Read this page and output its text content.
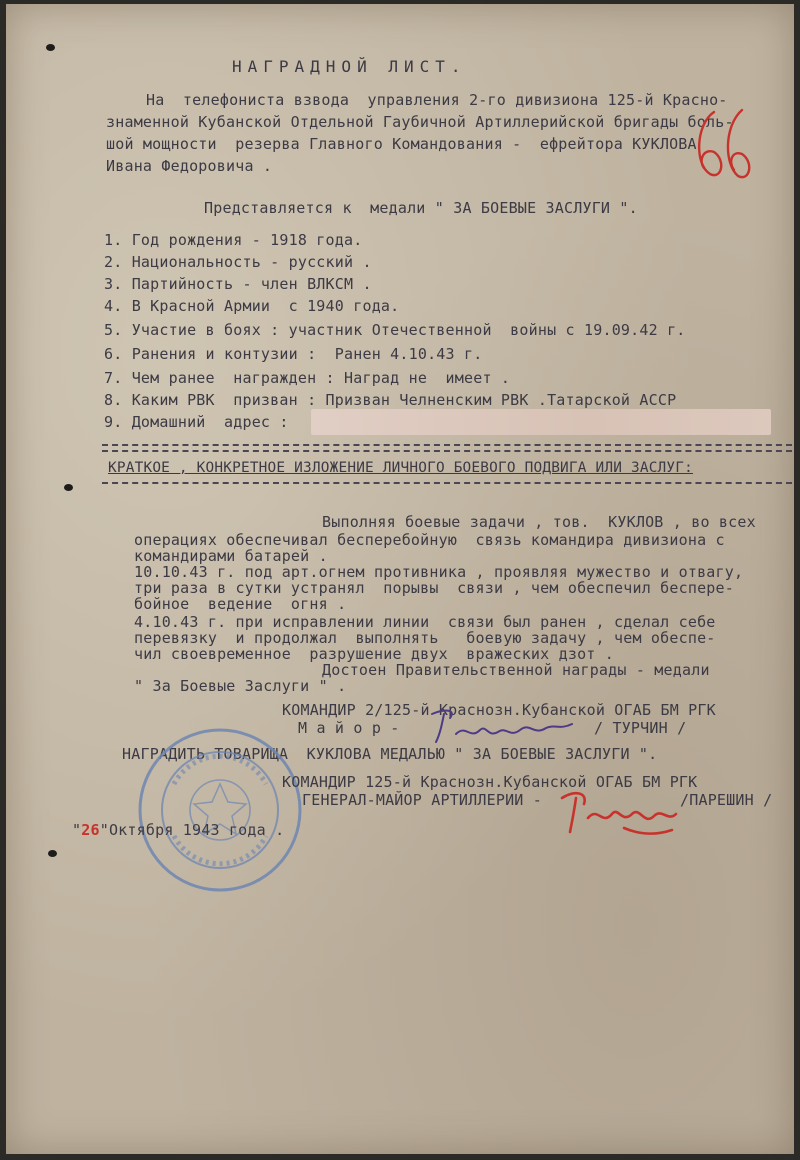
НАГРАДНОЙ ЛИСТ.
На  телефониста взвода  управления 2-го дивизиона 125-й Красно-
знаменной Кубанской Отдельной Гаубичной Артиллерийской бригады боль-
шой мощности  резерва Главного Командования -  ефрейтора КУКЛОВА
Ивана Федоровича .
Представляется к  медали " ЗА БОЕВЫЕ ЗАСЛУГИ ".
1. Год рождения - 1918 года.
2. Национальность - русский .
3. Партийность - член ВЛКСМ .
4. В Красной Армии  с 1940 года.
5. Участие в боях : участник Отечественной  войны с 19.09.42 г.
6. Ранения и контузии :  Ранен 4.10.43 г.
7. Чем ранее  награжден : Наград не  имеет .
8. Каким РВК  призван : Призван Челненским РВК .Татарской АССР
9. Домашний  адрес :
КРАТКОЕ , КОНКРЕТНОЕ ИЗЛОЖЕНИЕ ЛИЧНОГО БОЕВОГО ПОДВИГА ИЛИ ЗАСЛУГ:
Выполняя боевые задачи , тов.  КУКЛОВ , во всех
операциях обеспечивал бесперебойную  связь командира дивизиона с
командирами батарей .
10.10.43 г. под арт.огнем противника , проявляя мужество и отвагу,
три раза в сутки устранял  порывы  связи , чем обеспечил беспере-
бойное  ведение  огня .
4.10.43 г. при исправлении линии  связи был ранен , сделал себе
перевязку  и продолжал  выполнять   боевую задачу , чем обеспе-
чил своевременное  разрушение двух  вражеских дзот .
Достоен Правительственной награды - медали
" За Боевые Заслуги " .
КОМАНДИР 2/125-й Краснозн.Кубанской ОГАБ БМ РГК
М а й о р -	/ ТУРЧИН /
НАГРАДИТЬ ТОВАРИЩА  КУКЛОВА МЕДАЛЬЮ " ЗА БОЕВЫЕ ЗАСЛУГИ ".
КОМАНДИР 125-й Краснозн.Кубанской ОГАБ БМ РГК
ГЕНЕРАЛ-МАЙОР АРТИЛЛЕРИИ -	/ПАРЕШИН /
"26"Октября 1943 года .
